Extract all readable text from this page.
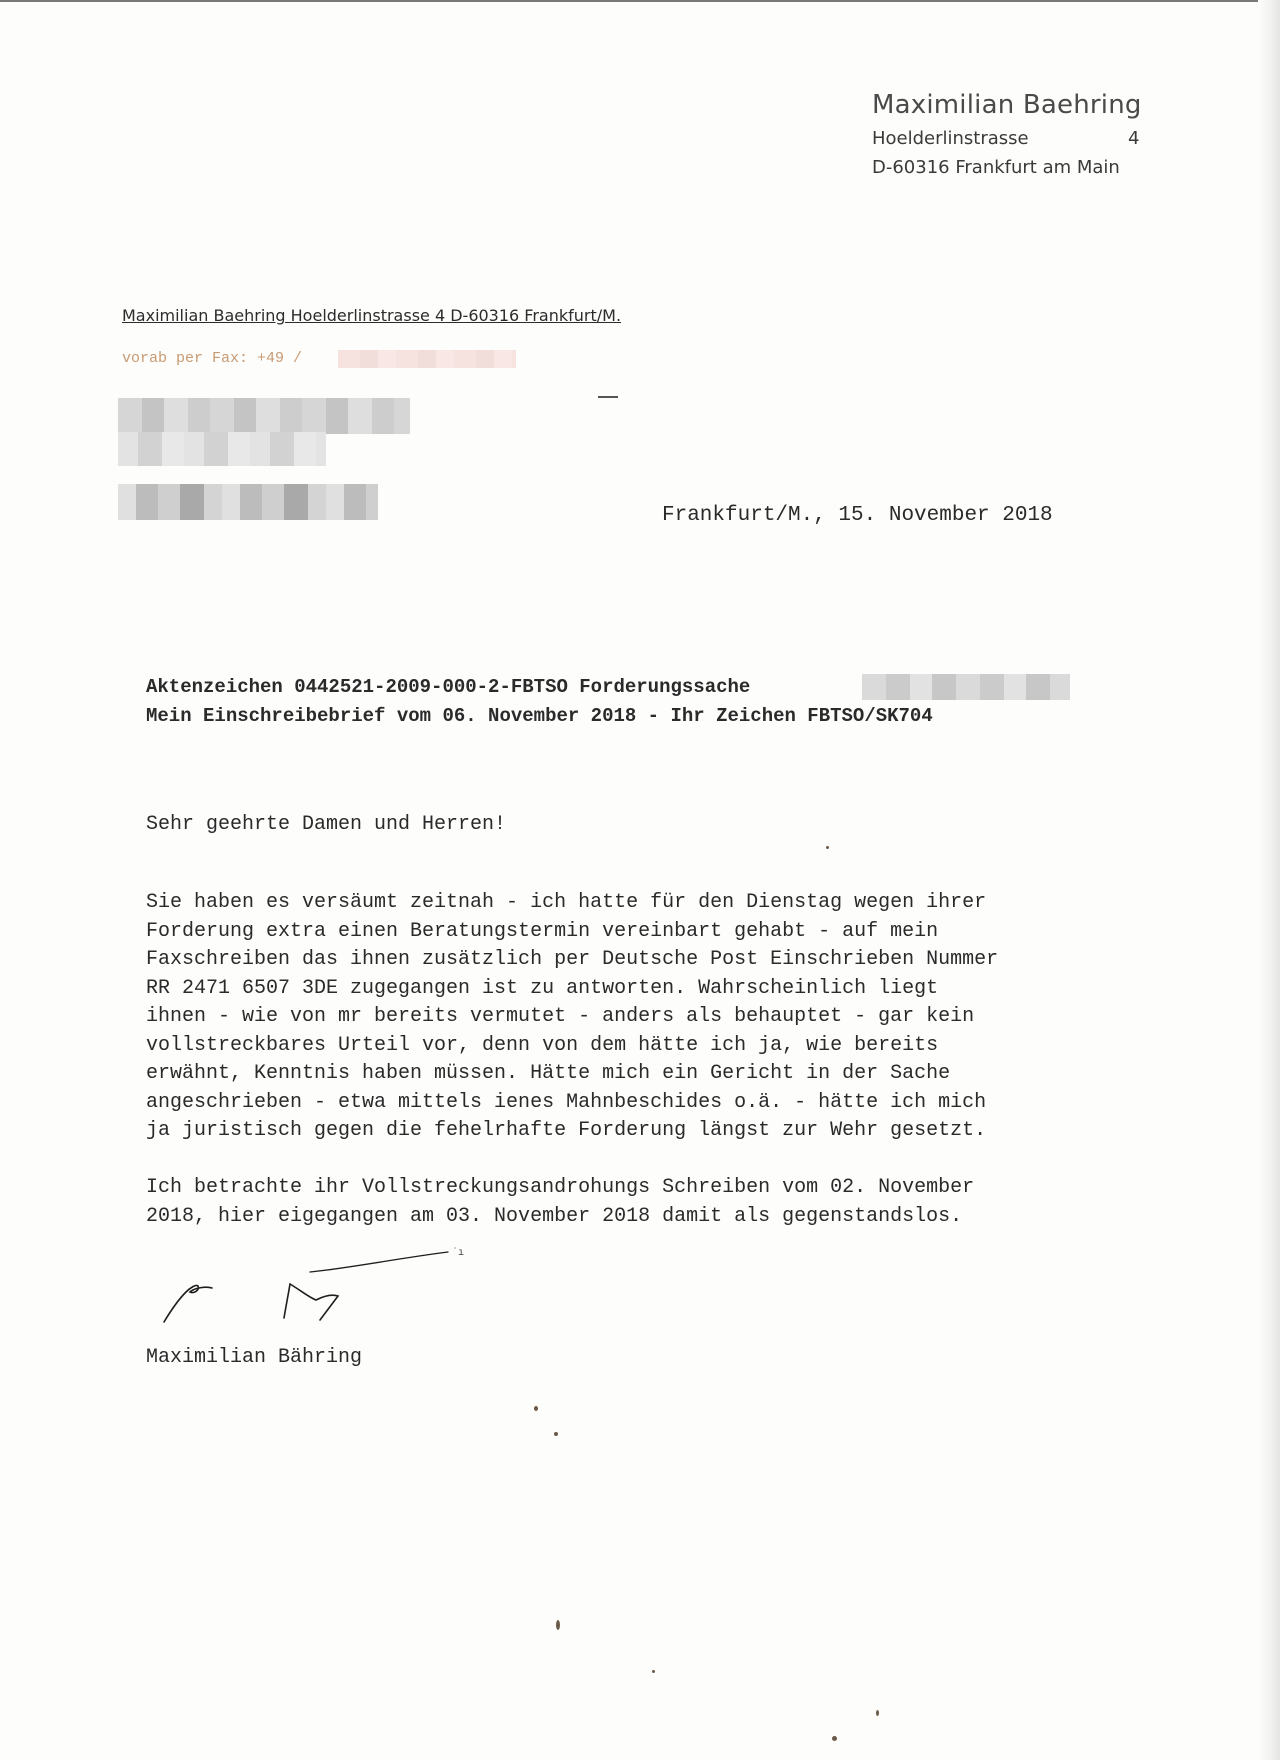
Maximilian Baehring
Hoelderlinstrasse	4
D-60316 Frankfurt am Main
Maximilian Baehring Hoelderlinstrasse 4 D-60316 Frankfurt/M.
vorab per Fax: +49 /
Frankfurt/M., 15. November 2018
Aktenzeichen 0442521-2009-000-2-FBTSO Forderungssache
Mein Einschreibebrief vom 06. November 2018 - Ihr Zeichen FBTSO/SK704
Sehr geehrte Damen und Herren!
Sie haben es versäumt zeitnah - ich hatte für den Dienstag wegen ihrer
Forderung extra einen Beratungstermin vereinbart gehabt - auf mein
Faxschreiben das ihnen zusätzlich per Deutsche Post Einschrieben Nummer
RR 2471 6507 3DE zugegangen ist zu antworten. Wahrscheinlich liegt
ihnen - wie von mr bereits vermutet - anders als behauptet - gar kein
vollstreckbares Urteil vor, denn von dem hätte ich ja, wie bereits
erwähnt, Kenntnis haben müssen. Hätte mich ein Gericht in der Sache
angeschrieben - etwa mittels ienes Mahnbeschides o.ä. - hätte ich mich
ja juristisch gegen die fehelrhafte Forderung längst zur Wehr gesetzt.
Ich betrachte ihr Vollstreckungsandrohungs Schreiben vom 02. November
2018, hier eigegangen am 03. November 2018 damit als gegenstandslos.
˙ı
Maximilian Bähring
